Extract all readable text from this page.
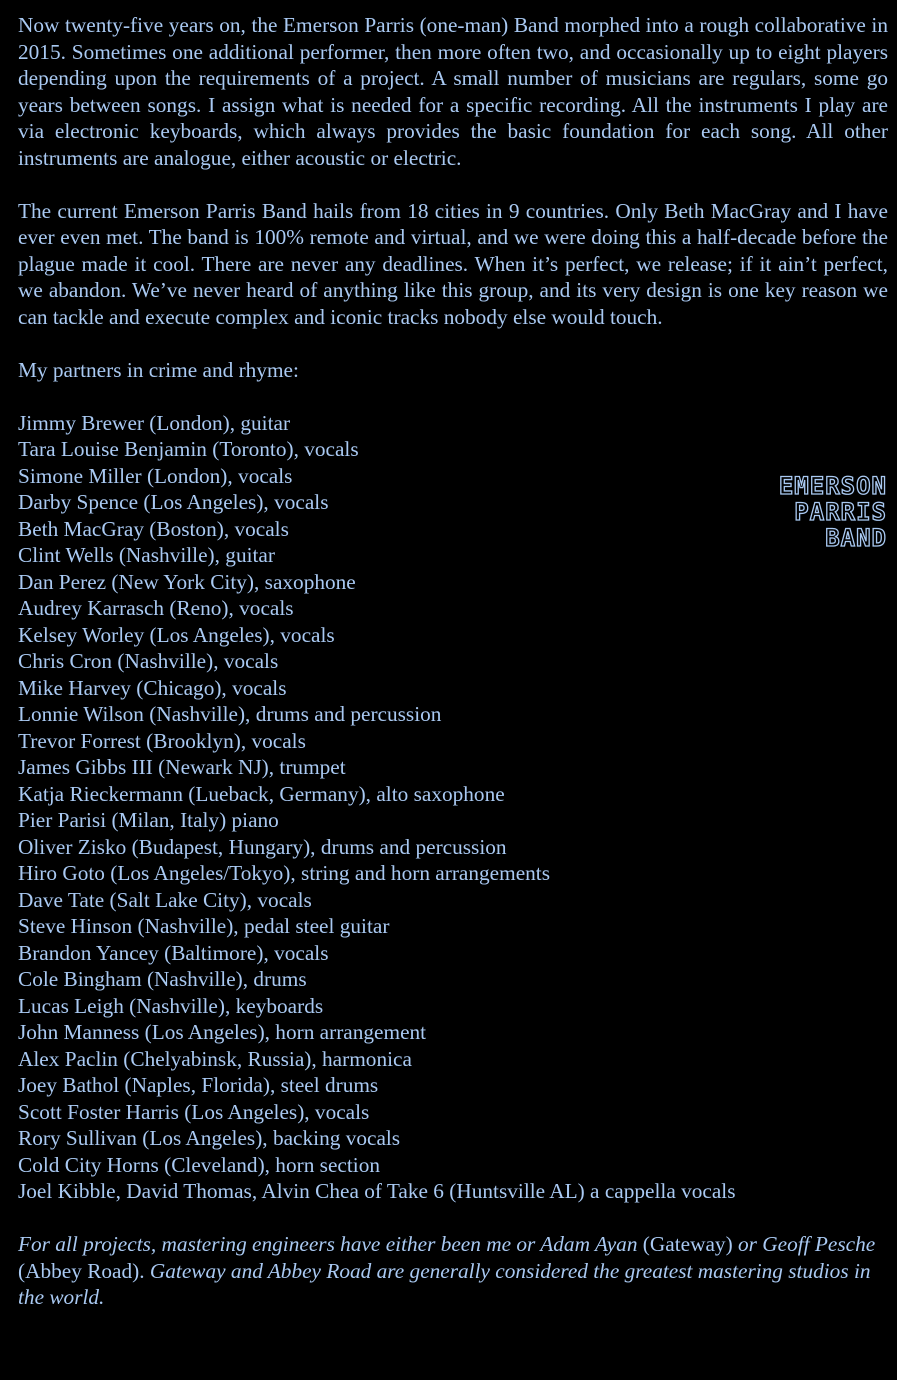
Now twenty-five years on, the Emerson Parris (one-man) Band morphed into a rough collaborative in 2015. Sometimes one additional performer, then more often two, and occasionally up to eight players depending upon the requirements of a project. A small number of musicians are regulars, some go years between songs. I assign what is needed for a specific recording. All the instruments I play are via electronic keyboards, which always provides the basic foundation for each song. All other instruments are analogue, either acoustic or electric.

The current Emerson Parris Band hails from 18 cities in 9 countries. Only Beth MacGray and I have ever even met. The band is 100% remote and virtual, and we were doing this a half-decade before the plague made it cool. There are never any deadlines. When it’s perfect, we release; if it ain’t perfect, we abandon. We’ve never heard of anything like this group, and its very design is one key reason we can tackle and execute complex and iconic tracks nobody else would touch.

My partners in crime and rhyme:

Jimmy Brewer (London), guitar

Tara Louise Benjamin (Toronto), vocals

Simone Miller (London), vocals

Darby Spence (Los Angeles), vocals

Beth MacGray (Boston), vocals

Clint Wells (Nashville), guitar

Dan Perez (New York City), saxophone

Audrey Karrasch (Reno), vocals

Kelsey Worley (Los Angeles), vocals

Chris Cron (Nashville), vocals

Mike Harvey (Chicago), vocals

Lonnie Wilson (Nashville), drums and percussion

Trevor Forrest (Brooklyn), vocals

James Gibbs III (Newark NJ), trumpet

Katja Rieckermann (Lueback, Germany), alto saxophone

Pier Parisi (Milan, Italy) piano

Oliver Zisko (Budapest, Hungary), drums and percussion

Hiro Goto (Los Angeles/Tokyo), string and horn arrangements

Dave Tate (Salt Lake City), vocals

Steve Hinson (Nashville), pedal steel guitar

Brandon Yancey (Baltimore), vocals

Cole Bingham (Nashville), drums

Lucas Leigh (Nashville), keyboards

John Manness (Los Angeles), horn arrangement

Alex Paclin (Chelyabinsk, Russia), harmonica

Joey Bathol (Naples, Florida), steel drums

Scott Foster Harris (Los Angeles), vocals

Rory Sullivan (Los Angeles), backing vocals

Cold City Horns (Cleveland), horn section

Joel Kibble, David Thomas, Alvin Chea of Take 6 (Huntsville AL) a cappella vocals

For all projects, mastering engineers have either been me or Adam Ayan (Gateway) or Geoff Pesche (Abbey Road). Gateway and Abbey Road are generally considered the greatest mastering studios in the world.

EMERSON
PARRIS
BAND
